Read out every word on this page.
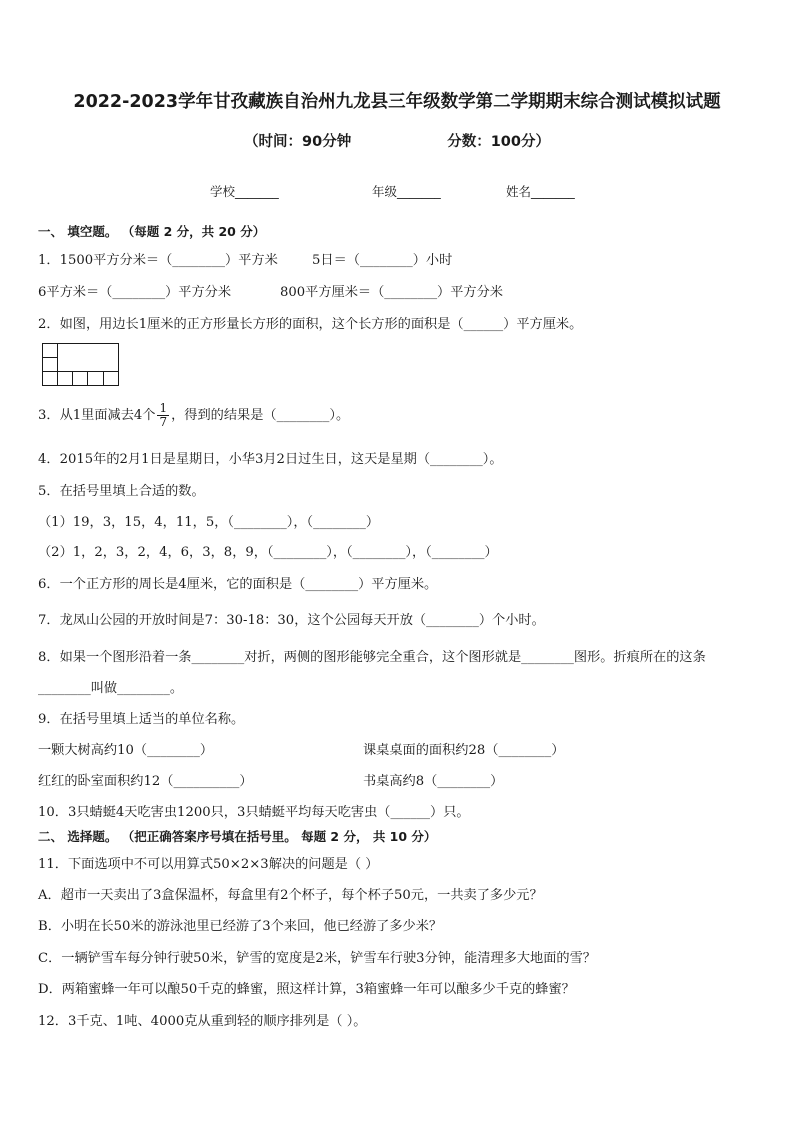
2022-2023学年甘孜藏族自治州九龙县三年级数学第二学期期末综合测试模拟试题
（时间：90分钟	分数：100分）
学校_______	年级_______	姓名_______
一、 填空题。 （每题 2 分，共 20 分）
1．1500平方分米＝（________）平方米	5日＝（________）小时
6平方米＝（________）平方分米	800平方厘米＝（________）平方分米
2．如图，用边长1厘米的正方形量长方形的面积，这个长方形的面积是（______）平方厘米。
3．从1里面减去4个 $\frac{1}{7}$ ，得到的结果是（________）。
4．2015年的2月1日是星期日，小华3月2日过生日，这天是星期（________）。
5．在括号里填上合适的数。
（1）19，3，15，4，11，5，（________），（________）
（2）1，2，3，2，4，6，3，8，9，（________），（________），（________）
6．一个正方形的周长是4厘米，它的面积是（________）平方厘米。
7．龙凤山公园的开放时间是7：30-18：30，这个公园每天开放（________）个小时。
8．如果一个图形沿着一条________对折，两侧的图形能够完全重合，这个图形就是________图形。折痕所在的这条
________叫做________。
9．在括号里填上适当的单位名称。
一颗大树高约10（________）	课桌桌面的面积约28（________）
红红的卧室面积约12（__________）	书桌高约8（________）
10．3只蜻蜓4天吃害虫1200只，3只蜻蜓平均每天吃害虫（______）只。
二、 选择题。 （把正确答案序号填在括号里。 每题 2 分， 共 10 分）
11．下面选项中不可以用算式50×2×3解决的问题是（ ）
A．超市一天卖出了3盒保温杯，每盒里有2个杯子，每个杯子50元，一共卖了多少元？
B．小明在长50米的游泳池里已经游了3个来回，他已经游了多少米？
C．一辆铲雪车每分钟行驶50米，铲雪的宽度是2米，铲雪车行驶3分钟，能清理多大地面的雪？
D．两箱蜜蜂一年可以酿50千克的蜂蜜，照这样计算，3箱蜜蜂一年可以酿多少千克的蜂蜜？
12．3千克、1吨、4000克从重到轻的顺序排列是（ ）。
